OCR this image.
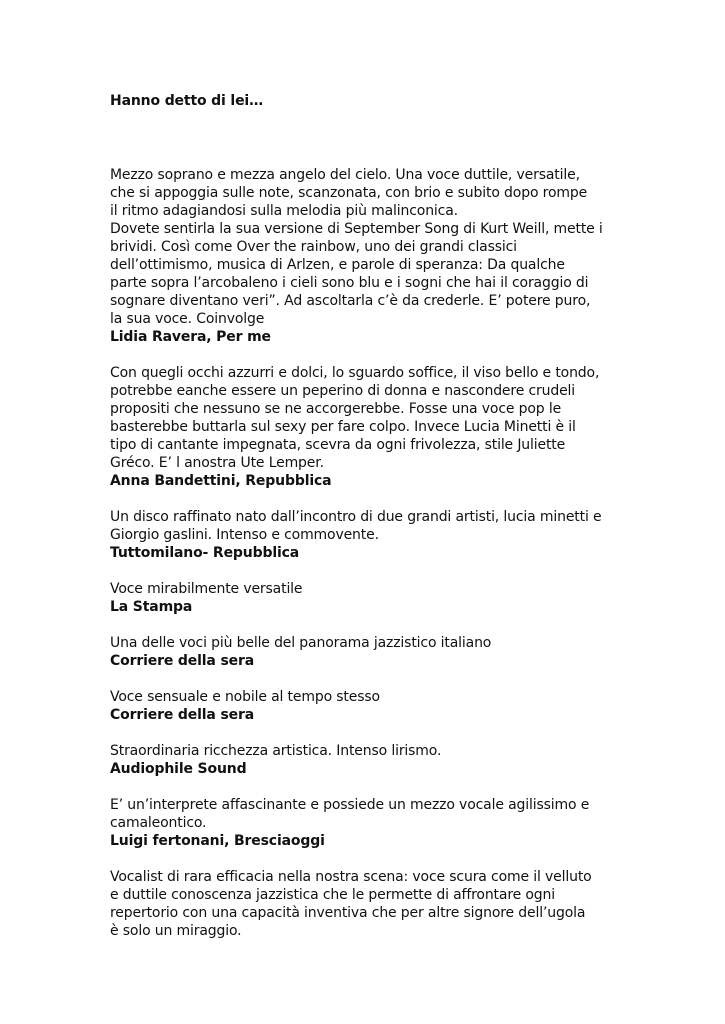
Hanno detto di lei…

Mezzo soprano e mezza angelo del cielo. Una voce duttile, versatile,
che si appoggia sulle note, scanzonata, con brio e subito dopo rompe
il ritmo adagiandosi sulla melodia più malinconica.
Dovete sentirla la sua versione di September Song di Kurt Weill, mette i
brividi. Così come Over the rainbow, uno dei grandi classici
dell’ottimismo, musica di Arlzen, e parole di speranza: Da qualche
parte sopra l’arcobaleno i cieli sono blu e i sogni che hai il coraggio di
sognare diventano veri”. Ad ascoltarla c’è da crederle. E’ potere puro,
la sua voce. Coinvolge

Lidia Ravera, Per me

Con quegli occhi azzurri e dolci, lo sguardo soffice, il viso bello e tondo,
potrebbe eanche essere un peperino di donna e nascondere crudeli
propositi che nessuno se ne accorgerebbe. Fosse una voce pop le
basterebbe buttarla sul sexy per fare colpo. Invece Lucia Minetti è il
tipo di cantante impegnata, scevra da ogni frivolezza, stile Juliette
Gréco. E’ l anostra Ute Lemper.

Anna Bandettini, Repubblica

Un disco raffinato nato dall’incontro di due grandi artisti, lucia minetti e
Giorgio gaslini. Intenso e commovente.

Tuttomilano- Repubblica

Voce mirabilmente versatile

La Stampa

Una delle voci più belle del panorama jazzistico italiano

Corriere della sera

Voce sensuale e nobile al tempo stesso

Corriere della sera

Straordinaria ricchezza artistica. Intenso lirismo.

Audiophile Sound

E’ un’interprete affascinante e possiede un mezzo vocale agilissimo e
camaleontico.

Luigi fertonani, Bresciaoggi

Vocalist di rara efficacia nella nostra scena: voce scura come il velluto
e duttile conoscenza jazzistica che le permette di affrontare ogni
repertorio con una capacità inventiva che per altre signore dell’ugola
è solo un miraggio.
